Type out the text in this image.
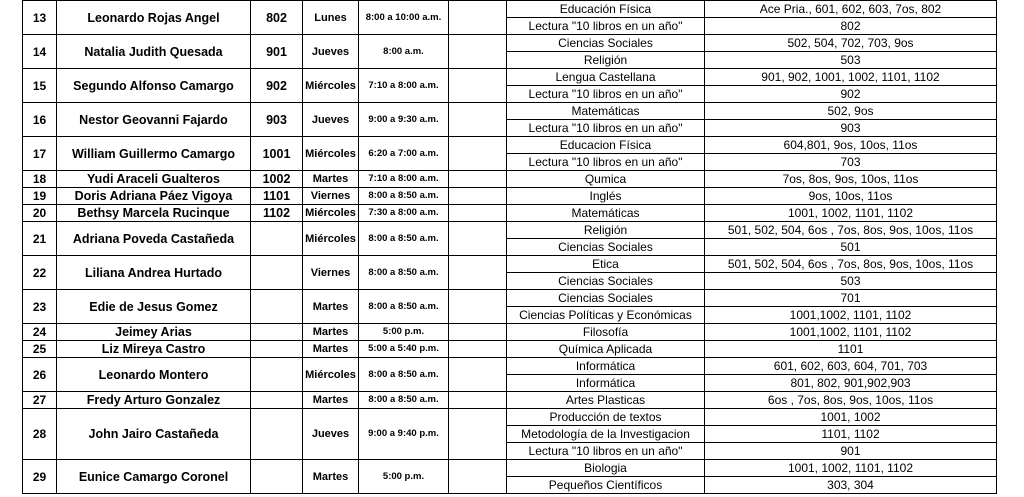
13	Leonardo Rojas Angel	802	Lunes	8:00 a 10:00 a.m.		Educación Física	Ace Pria., 601, 602, 603, 7os, 802
						Lectura "10 libros en un año"	802
14	Natalia Judith Quesada	901	Jueves	8:00 a.m.		Ciencias Sociales	502, 504, 702, 703, 9os
						Religión	503
15	Segundo Alfonso Camargo	902	Miércoles	7:10 a 8:00 a.m.		Lengua Castellana	901, 902, 1001, 1002, 1101, 1102
						Lectura "10 libros en un año"	902
16	Nestor Geovanni Fajardo	903	Jueves	9:00 a 9:30 a.m.		Matemáticas	502, 9os
						Lectura "10 libros en un año"	903
17	William Guillermo Camargo	1001	Miércoles	6:20 a 7:00 a.m.		Educacion Física	604,801, 9os, 10os, 11os
						Lectura "10 libros en un año"	703
18	Yudi Araceli Gualteros	1002	Martes	7:10 a 8:00 a.m.		Qumica	7os, 8os, 9os, 10os, 11os
19	Doris Adriana Páez Vigoya	1101	Viernes	8:00 a 8:50 a.m.		Inglés	9os, 10os, 11os
20	Bethsy Marcela Rucinque	1102	Miércoles	7:30 a 8:00 a.m.		Matemáticas	1001, 1002, 1101, 1102
21	Adriana Poveda Castañeda		Miércoles	8:00 a 8:50 a.m.		Religión	501, 502, 504, 6os , 7os, 8os, 9os, 10os, 11os
						Ciencias Sociales	501
22	Liliana Andrea Hurtado		Viernes	8:00 a 8:50 a.m.		Etica	501, 502, 504, 6os , 7os, 8os, 9os, 10os, 11os
						Ciencias Sociales	503
23	Edie de Jesus Gomez		Martes	8:00 a 8:50 a.m.		Ciencias Sociales	701
						Ciencias Políticas y Económicas	1001,1002, 1101, 1102
24	Jeimey Arias		Martes	5:00 p.m.		Filosofía	1001,1002, 1101, 1102
25	Liz Mireya Castro		Martes	5:00 a 5:40 p.m.		Química Aplicada	1101
26	Leonardo Montero		Miércoles	8:00 a 8:50 a.m.		Informática	601, 602, 603, 604, 701, 703
						Informática	801, 802, 901,902,903
27	Fredy Arturo Gonzalez		Martes	8:00 a 8:50 a.m.		Artes Plasticas	6os , 7os, 8os, 9os, 10os, 11os
28	John Jairo Castañeda		Jueves	9:00 a 9:40 p.m.		Producción de textos	1001, 1002
						Metodología de la Investigacion	1101, 1102
						Lectura "10 libros en un año"	901
29	Eunice Camargo Coronel		Martes	5:00 p.m.		Biologia	1001, 1002, 1101, 1102
						Pequeños Científicos	303, 304
